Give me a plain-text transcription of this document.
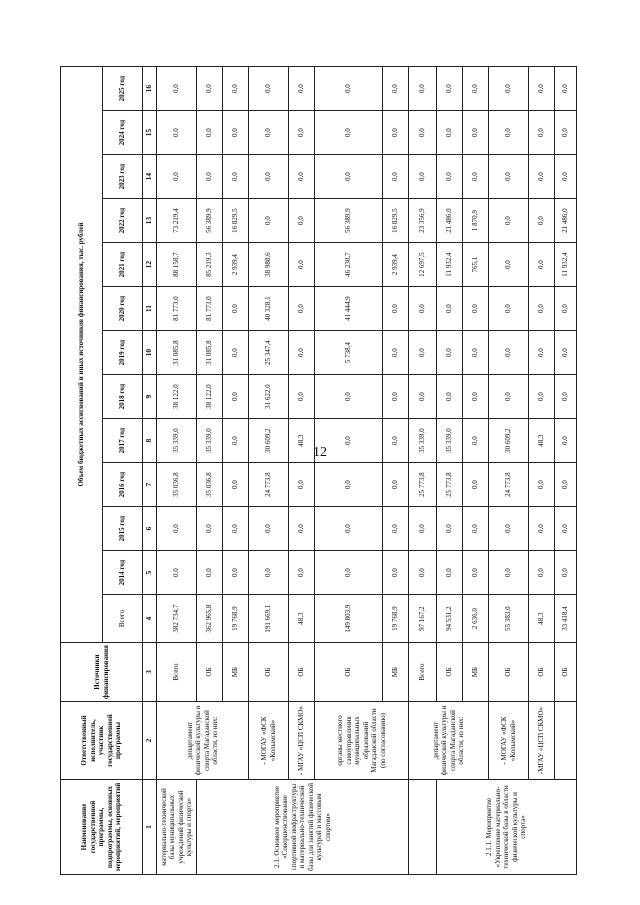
12
Наименование государственной программы, подпрограммы, основных мероприятий, мероприятий	Ответственный исполнитель, участник государственной программы	Источники финансирования	Объем бюджетных ассигнований и иных источников финансирования, тыс. рублей												
			Всего	2014 год	2015 год	2016 год	2017 год	2018 год	2019 год	2020 год	2021 год	2022 год	2023 год	2024 год	2025 год
1	2	3	4	5	6	7	8	9	10	11	12	13	14	15	16
материально-технической базы муниципальных учреждений физической культуры и спорта»	департамент физической культуры и спорта Магаданской области, из них:	Всего	382 734,7	0,0	0,0	35 036,8	35 339,0	38 122,0	31 085,8	81 773,0	88 158,7	73 219,4	0,0	0,0	0,0
2.1. Основное мероприятие «Совершенствование спортивной инфраструктуры и материально-технической базы для занятий физической культурой и массовым спортом»		ОБ	362 965,8	0,0	0,0	35 036,8	35 339,0	38 122,0	31 085,8	81 773,0	85 219,3	56 389,9	0,0	0,0	0,0
		МБ	19 768,9	0,0	0,0	0,0	0,0	0,0	0,0	0,0	2 939,4	16 829,5	0,0	0,0	0,0
	- МОГАУ «ФСК «Колымский»	ОБ	191 669,1	0,0	0,0	24 773,8	30 609,2	31 622,0	25 347,4	40 328,1	38 988,6	0,0	0,0	0,0	0,0
	- МГАУ «ЦСП СКМО»	ОБ	48,3	0,0	0,0	0,0	48,3	0,0	0,0	0,0	0,0	0,0	0,0	0,0	0,0
	органы местного самоуправления муниципальных образований Магаданской области (по согласованию)	ОБ	149 803,9	0,0	0,0	0,0	0,0	0,0	5 738,4	41 444,9	46 230,7	56 389,9	0,0	0,0	0,0
		МБ	19 768,9	0,0	0,0	0,0	0,0	0,0	0,0	0,0	2 939,4	16 829,5	0,0	0,0	0,0
	департамент физической культуры и спорта Магаданской области, из них:	Всего	97 167,2	0,0	0,0	25 773,8	35 339,0	0,0	0,0	0,0	12 697,5	23 356,9	0,0	0,0	0,0
2.1.1. Мероприятие «Укрепление материально-технической базы в области физической культуры и спорта»		ОБ	94 531,2	0,0	0,0	25 773,8	35 339,0	0,0	0,0	0,0	11 932,4	21 486,0	0,0	0,0	0,0
		МБ	2 636,0	0,0	0,0	0,0	0,0	0,0	0,0	0,0	765,1	1 870,9	0,0	0,0	0,0
	- МОГАУ «ФСК «Колымский»	ОБ	55 383,0	0,0	0,0	24 773,8	30 609,2	0,0	0,0	0,0	0,0	0,0	0,0	0,0	0,0
	-МГАУ «ЦСП СКМО»	ОБ	48,3	0,0	0,0	0,0	48,3	0,0	0,0	0,0	0,0	0,0	0,0	0,0	0,0
		ОБ	33 418,4	0,0	0,0	0,0	0,0	0,0	0,0	0,0	11 932,4	21 486,0	0,0	0,0	0,0
